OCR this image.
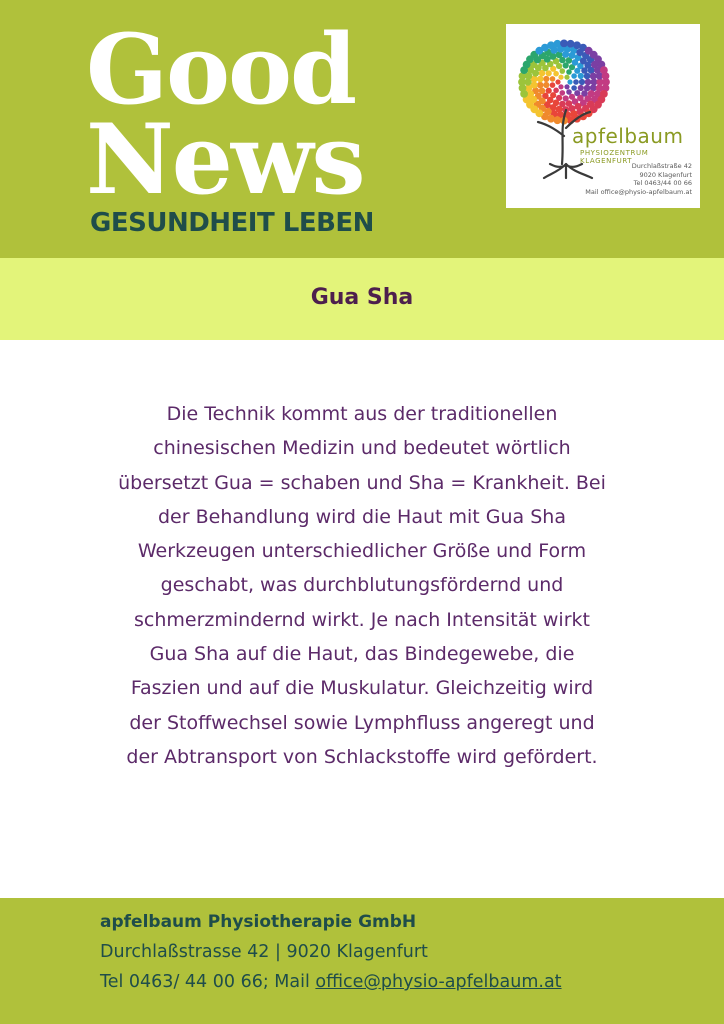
Good
News
GESUNDHEIT LEBEN
apfelbaum
PHYSIOZENTRUM KLAGENFURT
Durchlaßstraße 42
9020 Klagenfurt
Tel 0463/44 00 66
Mail office@physio-apfelbaum.at
Gua Sha
Die Technik kommt aus der traditionellen
chinesischen Medizin und bedeutet wörtlich
übersetzt Gua = schaben und Sha = Krankheit. Bei
der Behandlung wird die Haut mit Gua Sha
Werkzeugen unterschiedlicher Größe und Form
geschabt, was durchblutungsfördernd und
schmerzmindernd wirkt. Je nach Intensität wirkt
Gua Sha auf die Haut, das Bindegewebe, die
Faszien und auf die Muskulatur. Gleichzeitig wird
der Stoffwechsel sowie Lymphfluss angeregt und
der Abtransport von Schlackstoffe wird gefördert.
apfelbaum Physiotherapie GmbH
Durchlaßstrasse 42 | 9020 Klagenfurt
Tel 0463/ 44 00 66; Mail office@physio-apfelbaum.at
